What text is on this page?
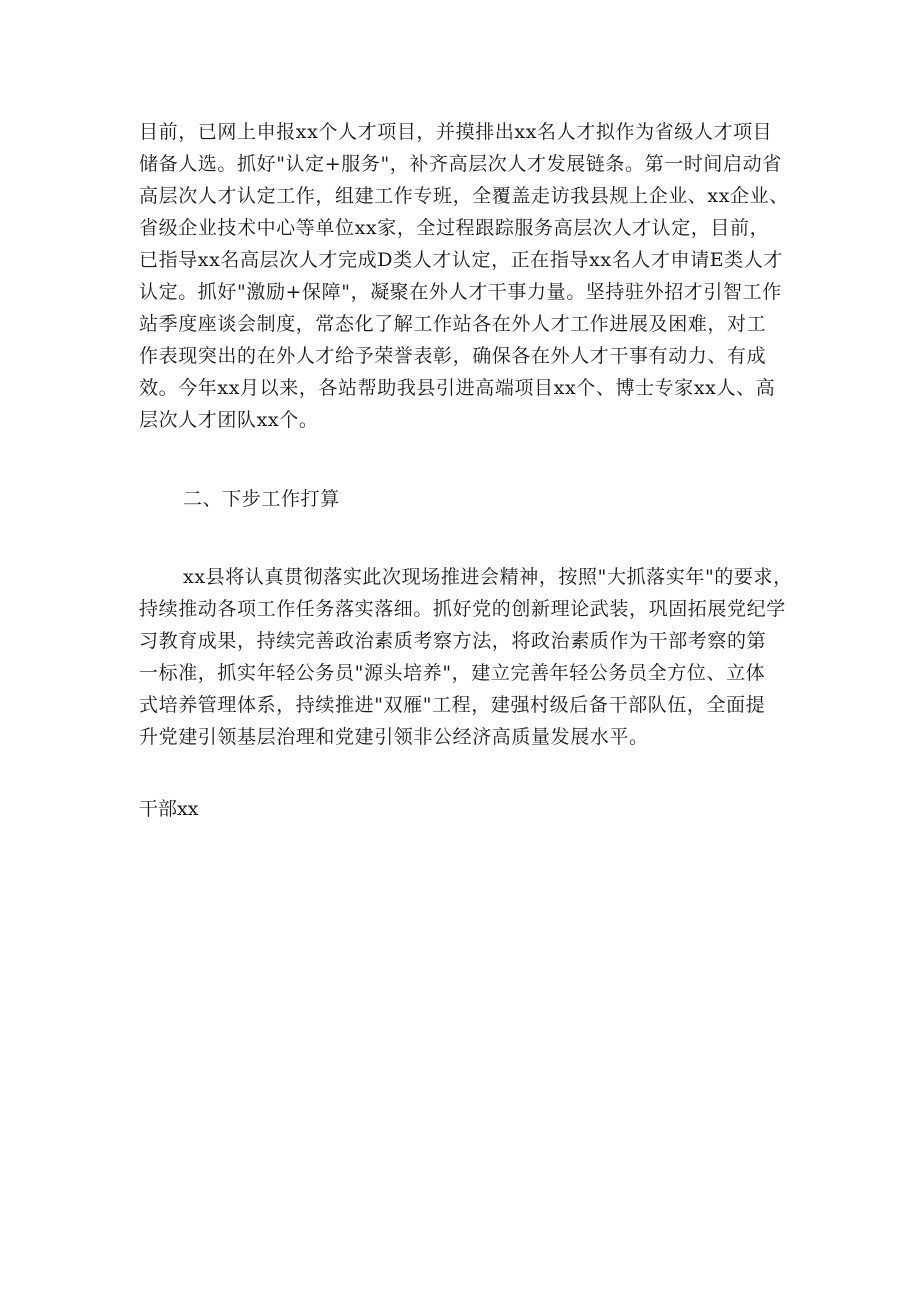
目前，已网上申报xx个人才项目，并摸排出xx名人才拟作为省级人才项目
储备人选。抓好"认定+服务"，补齐高层次人才发展链条。第一时间启动省
高层次人才认定工作，组建工作专班，全覆盖走访我县规上企业、xx企业、
省级企业技术中心等单位xx家，全过程跟踪服务高层次人才认定，目前，
已指导xx名高层次人才完成D类人才认定，正在指导xx名人才申请E类人才
认定。抓好"激励+保障"，凝聚在外人才干事力量。坚持驻外招才引智工作
站季度座谈会制度，常态化了解工作站各在外人才工作进展及困难，对工
作表现突出的在外人才给予荣誉表彰，确保各在外人才干事有动力、有成
效。今年xx月以来，各站帮助我县引进高端项目xx个、博士专家xx人、高
层次人才团队xx个。
二、下步工作打算
xx县将认真贯彻落实此次现场推进会精神，按照"大抓落实年"的要求，
持续推动各项工作任务落实落细。抓好党的创新理论武装，巩固拓展党纪学
习教育成果，持续完善政治素质考察方法，将政治素质作为干部考察的第
一标准，抓实年轻公务员"源头培养"，建立完善年轻公务员全方位、立体
式培养管理体系，持续推进"双雁"工程，建强村级后备干部队伍，全面提
升党建引领基层治理和党建引领非公经济高质量发展水平。
干部xx
